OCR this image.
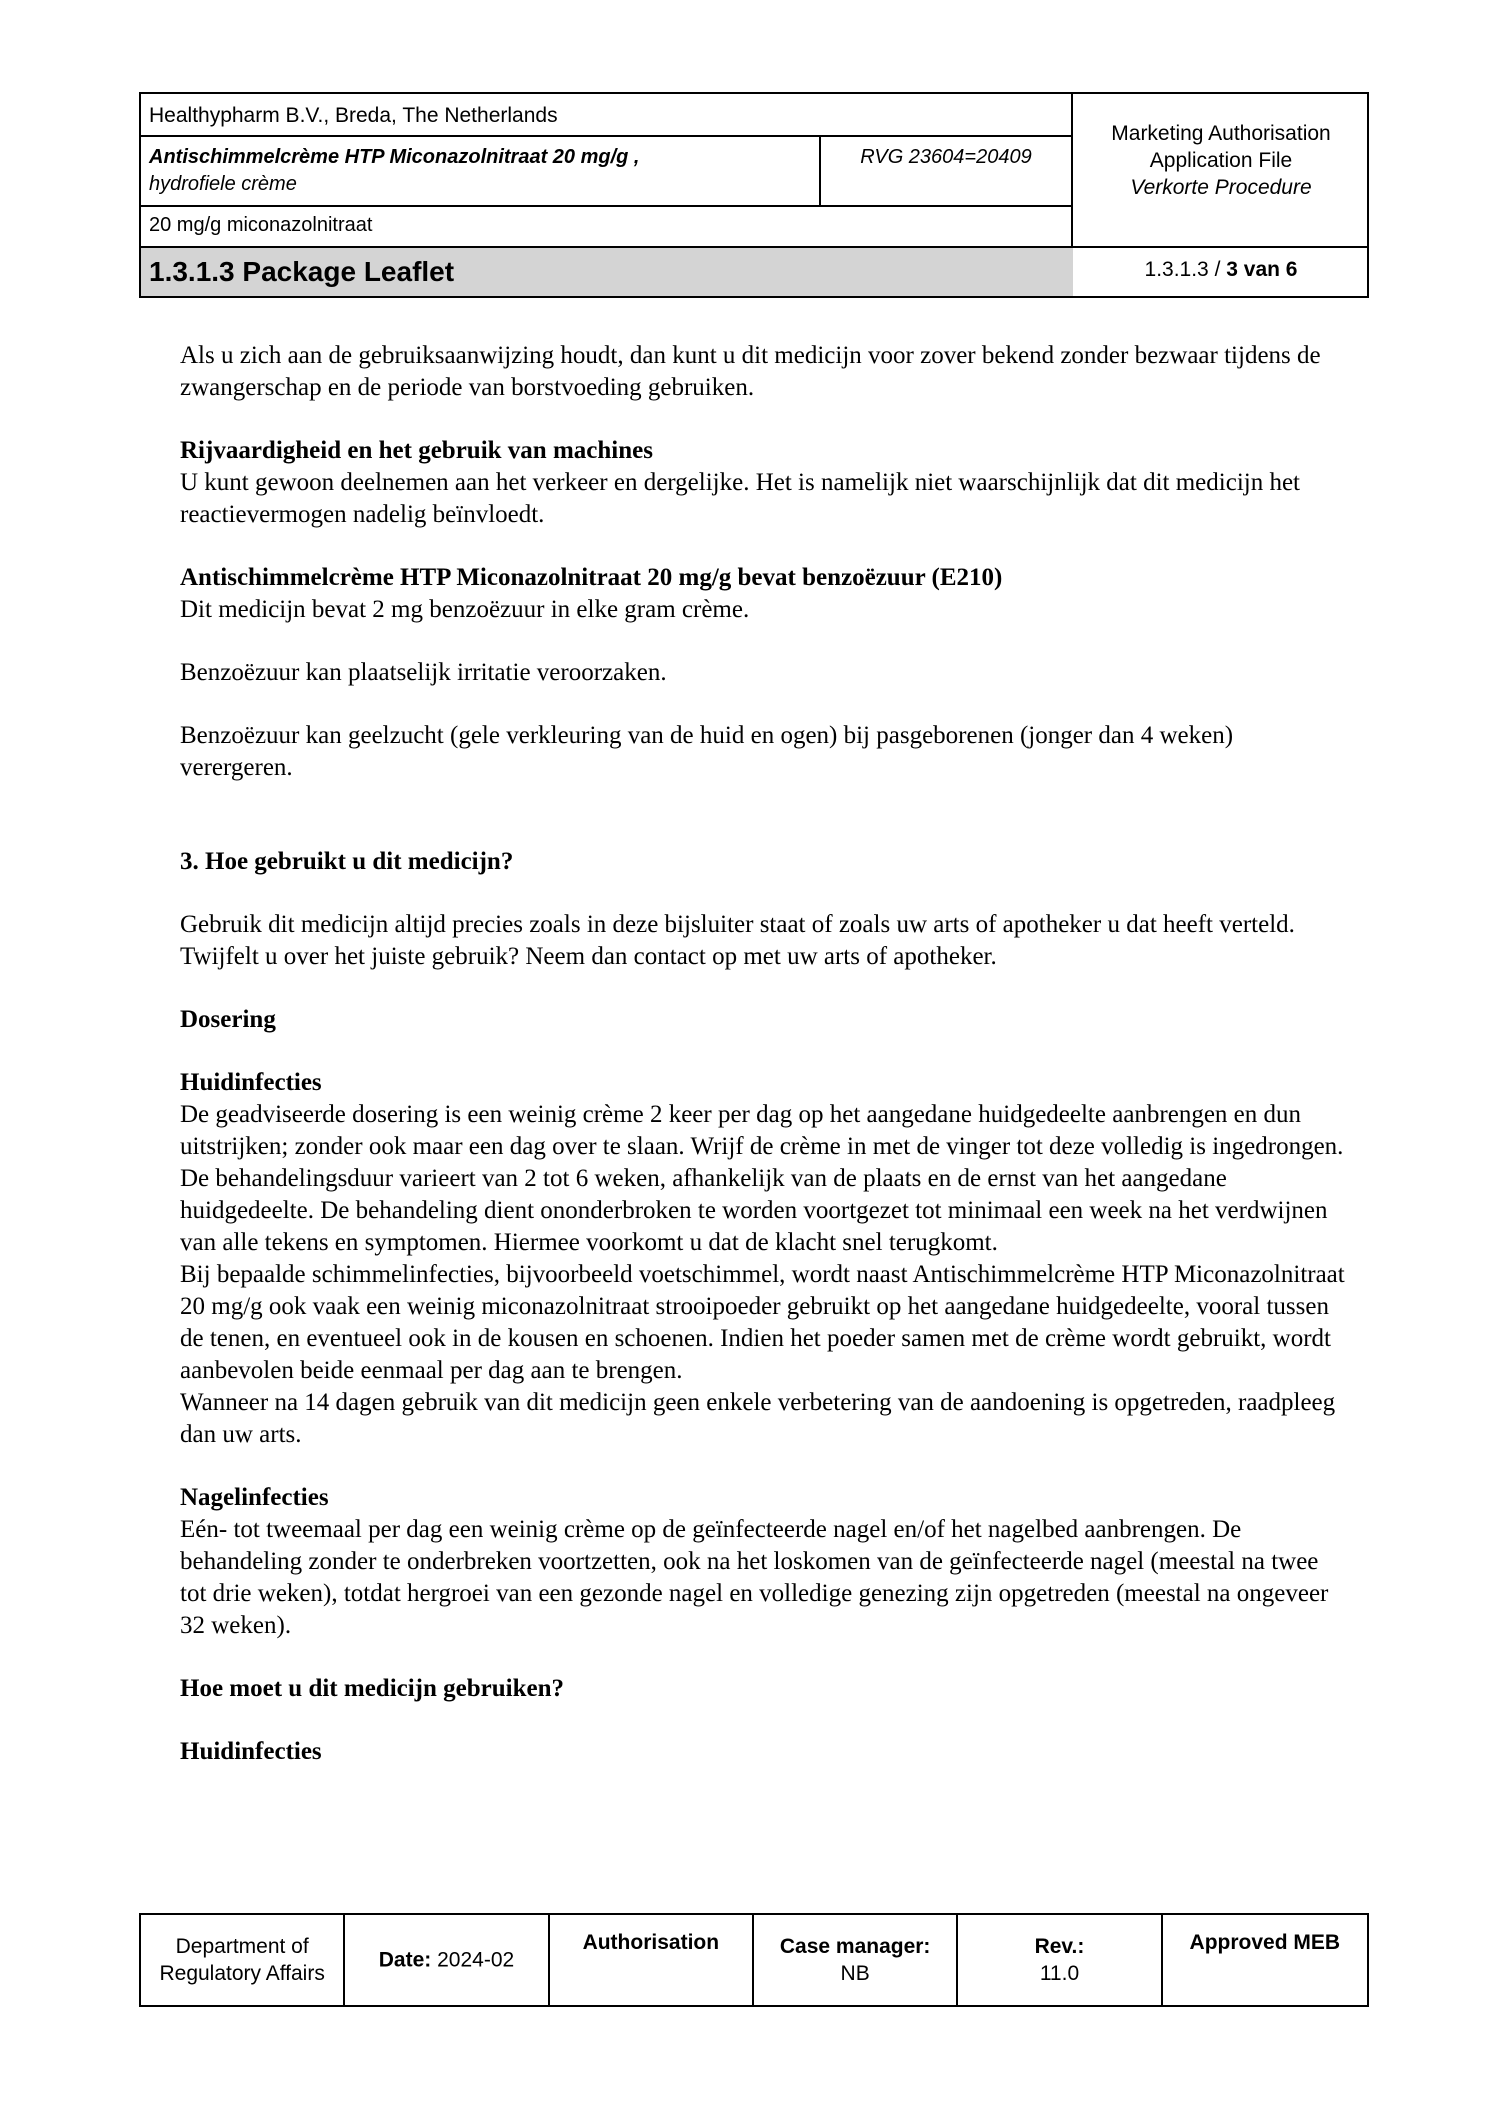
Healthypharm B.V., Breda, The Netherlands
Antischimmelcrème HTP Miconazolnitraat 20 mg/g ,
hydrofiele crème
RVG 23604=20409
20 mg/g miconazolnitraat
Marketing Authorisation
Application File
Verkorte Procedure
1.3.1.3 Package Leaflet	1.3.1.3 / 3 van 6

Als u zich aan de gebruiksaanwijzing houdt, dan kunt u dit medicijn voor zover bekend zonder bezwaar tijdens de zwangerschap en de periode van borstvoeding gebruiken.

Rijvaardigheid en het gebruik van machines

U kunt gewoon deelnemen aan het verkeer en dergelijke. Het is namelijk niet waarschijnlijk dat dit medicijn het reactievermogen nadelig beïnvloedt.

Antischimmelcrème HTP Miconazolnitraat 20 mg/g bevat benzoëzuur (E210)

Dit medicijn bevat 2 mg benzoëzuur in elke gram crème.

Benzoëzuur kan plaatselijk irritatie veroorzaken.

Benzoëzuur kan geelzucht (gele verkleuring van de huid en ogen) bij pasgeborenen (jonger dan 4 weken) verergeren.

3. Hoe gebruikt u dit medicijn?

Gebruik dit medicijn altijd precies zoals in deze bijsluiter staat of zoals uw arts of apotheker u dat heeft verteld. Twijfelt u over het juiste gebruik? Neem dan contact op met uw arts of apotheker.

Dosering

Huidinfecties

De geadviseerde dosering is een weinig crème 2 keer per dag op het aangedane huidgedeelte aanbrengen en dun uitstrijken; zonder ook maar een dag over te slaan. Wrijf de crème in met de vinger tot deze volledig is ingedrongen. De behandelingsduur varieert van 2 tot 6 weken, afhankelijk van de plaats en de ernst van het aangedane huidgedeelte. De behandeling dient ononderbroken te worden voortgezet tot minimaal een week na het verdwijnen van alle tekens en symptomen. Hiermee voorkomt u dat de klacht snel terugkomt.

Bij bepaalde schimmelinfecties, bijvoorbeeld voetschimmel, wordt naast Antischimmelcrème HTP Miconazolnitraat 20 mg/g ook vaak een weinig miconazolnitraat strooipoeder gebruikt op het aangedane huidgedeelte, vooral tussen de tenen, en eventueel ook in de kousen en schoenen. Indien het poeder samen met de crème wordt gebruikt, wordt aanbevolen beide eenmaal per dag aan te brengen.

Wanneer na 14 dagen gebruik van dit medicijn geen enkele verbetering van de aandoening is opgetreden, raadpleeg dan uw arts.

Nagelinfecties

Eén- tot tweemaal per dag een weinig crème op de geïnfecteerde nagel en/of het nagelbed aanbrengen. De behandeling zonder te onderbreken voortzetten, ook na het loskomen van de geïnfecteerde nagel (meestal na twee tot drie weken), totdat hergroei van een gezonde nagel en volledige genezing zijn opgetreden (meestal na ongeveer 32 weken).

Hoe moet u dit medicijn gebruiken?

Huidinfecties

Department of
Regulatory Affairs
Date: 2024-02
Authorisation	Case manager:
NB
Rev.:
11.0
Approved MEB
